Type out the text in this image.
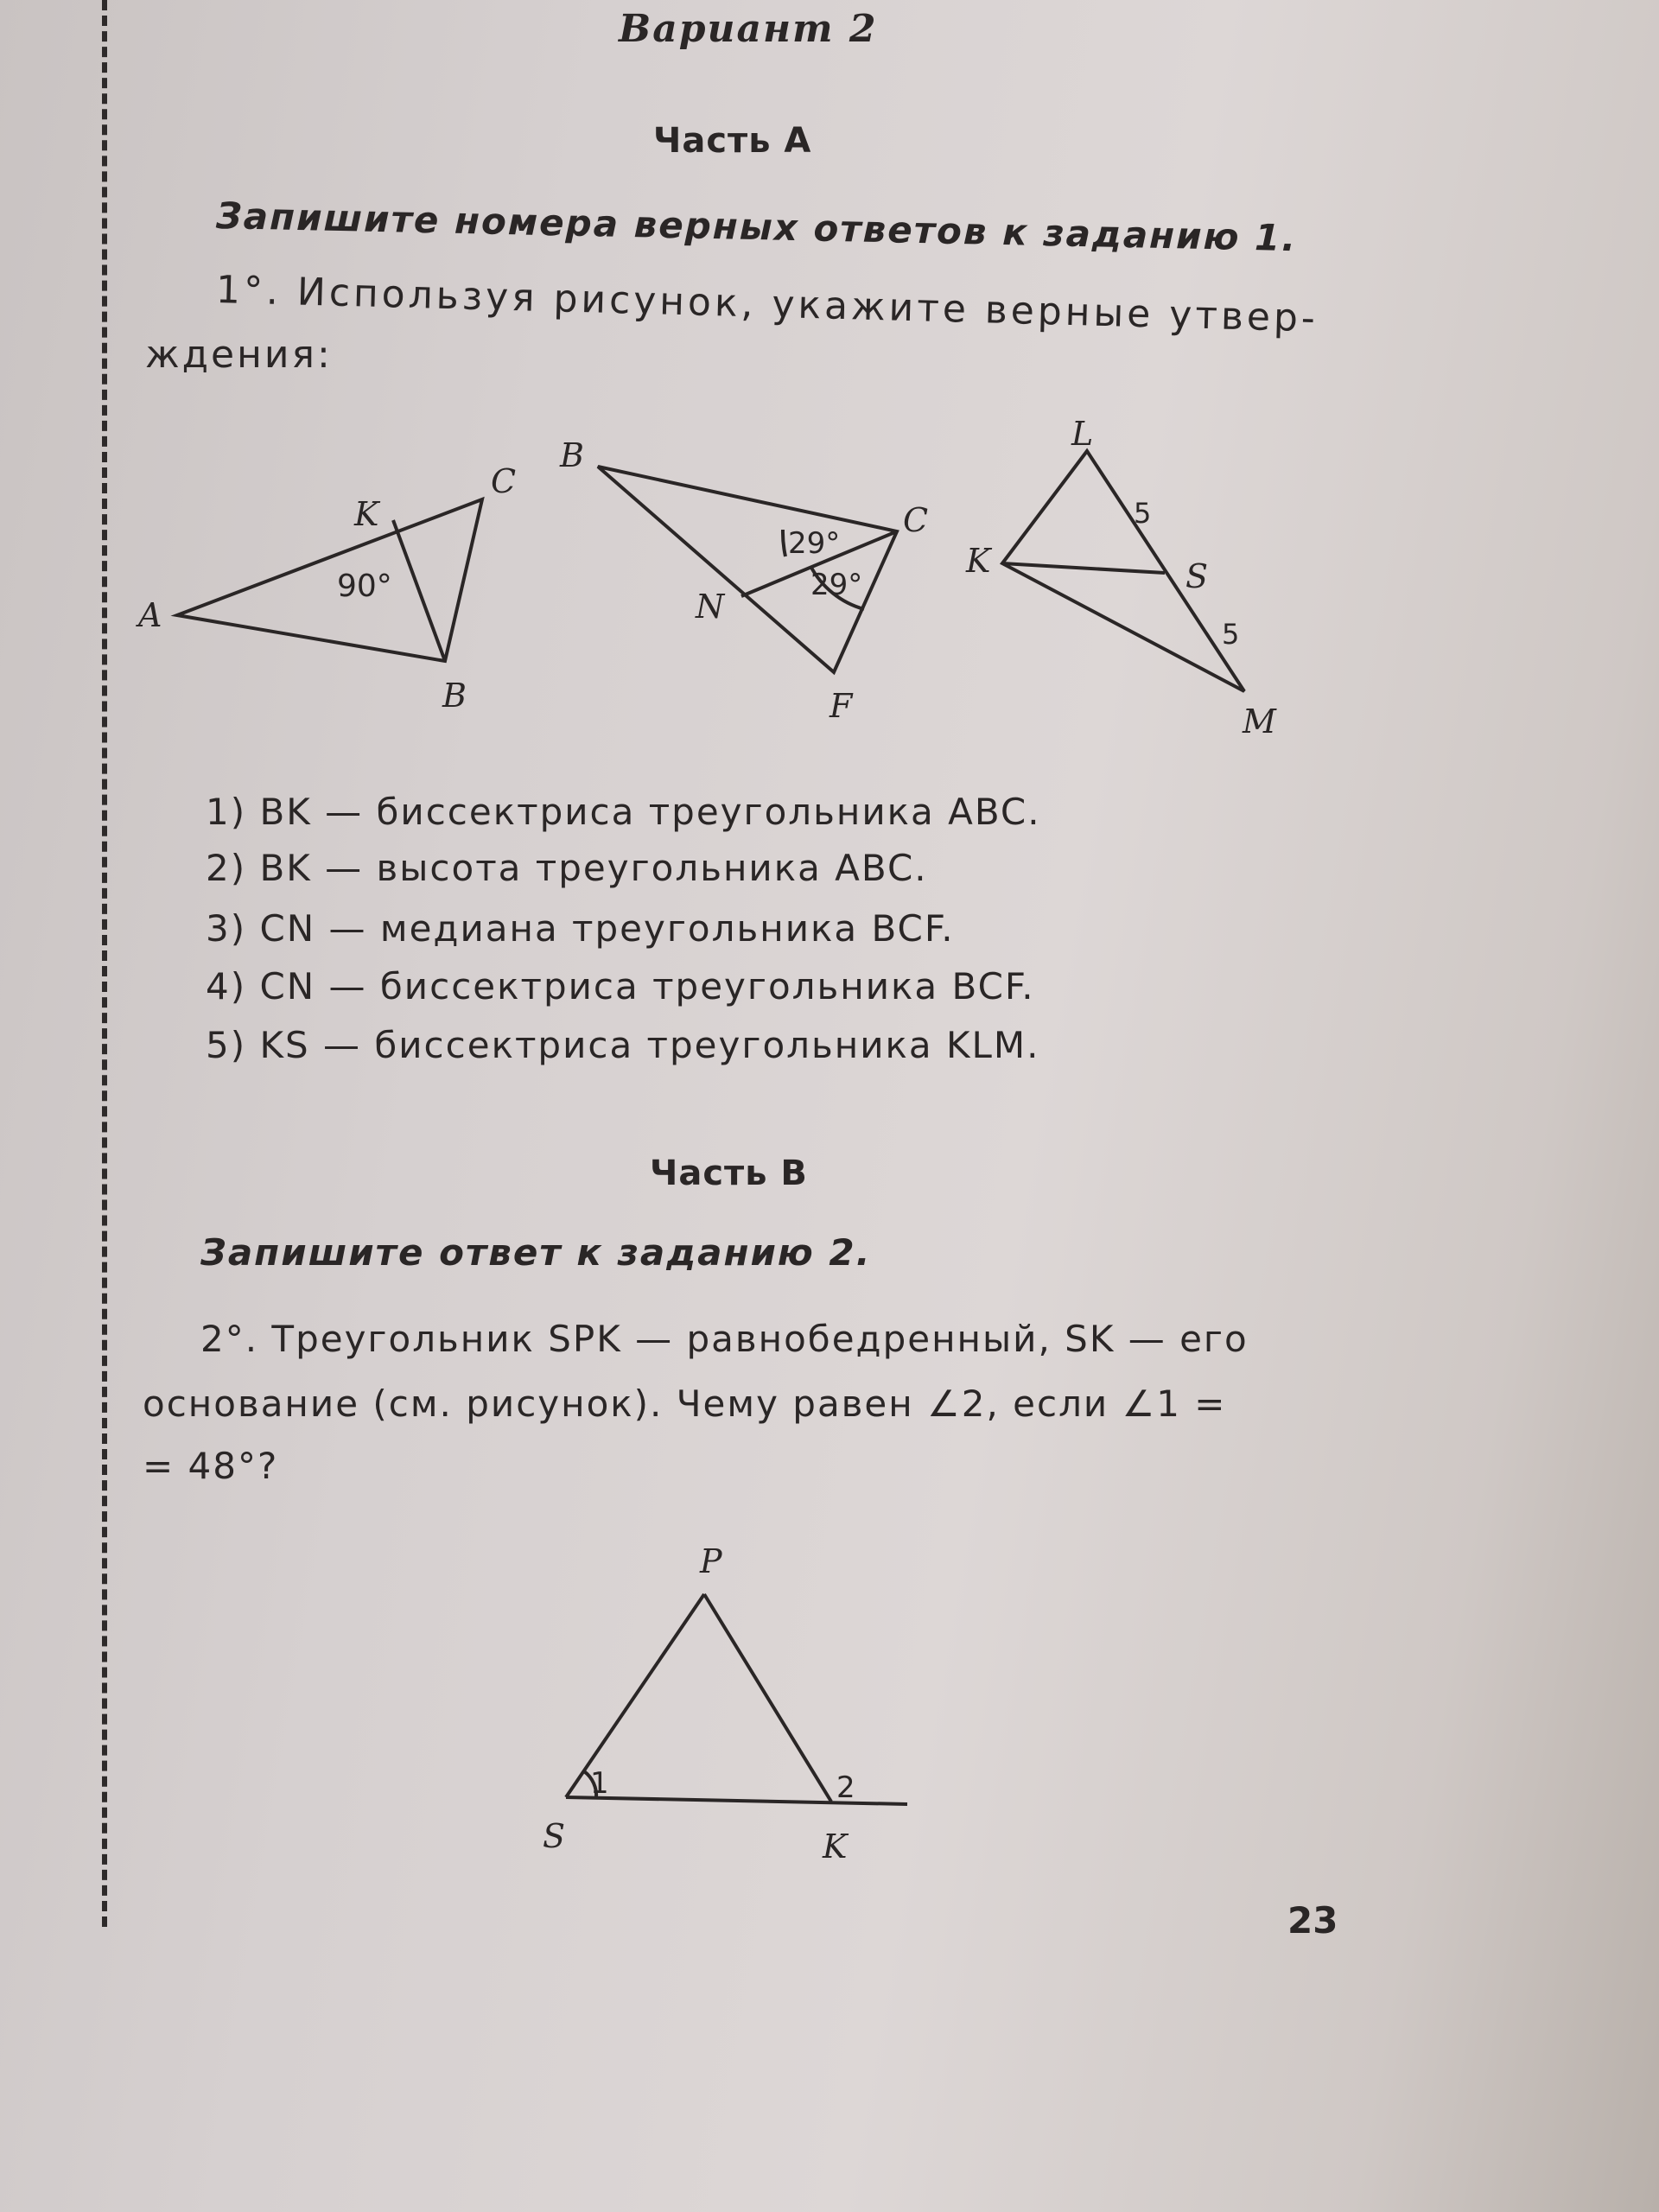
Вариант 2

Часть А

Запишите номера верных ответов к заданию 1.

1°. Используя рисунок, укажите верные утвер-

ждения:

A
K
C
B
90°
B
C
N
F
29°
29°
L
K	S
M
5
5

1) BK — биссектриса треугольника ABC.

2) BK — высота треугольника ABC.

3) CN — медиана треугольника BCF.

4) CN — биссектриса треугольника BCF.

5) KS — биссектриса треугольника KLM.

Часть В

Запишите ответ к заданию 2.

2°. Треугольник SPK — равнобедренный, SK — его

основание (см. рисунок). Чему равен ∠2, если ∠1 =

= 48°?

P
S	K
1	2

23
